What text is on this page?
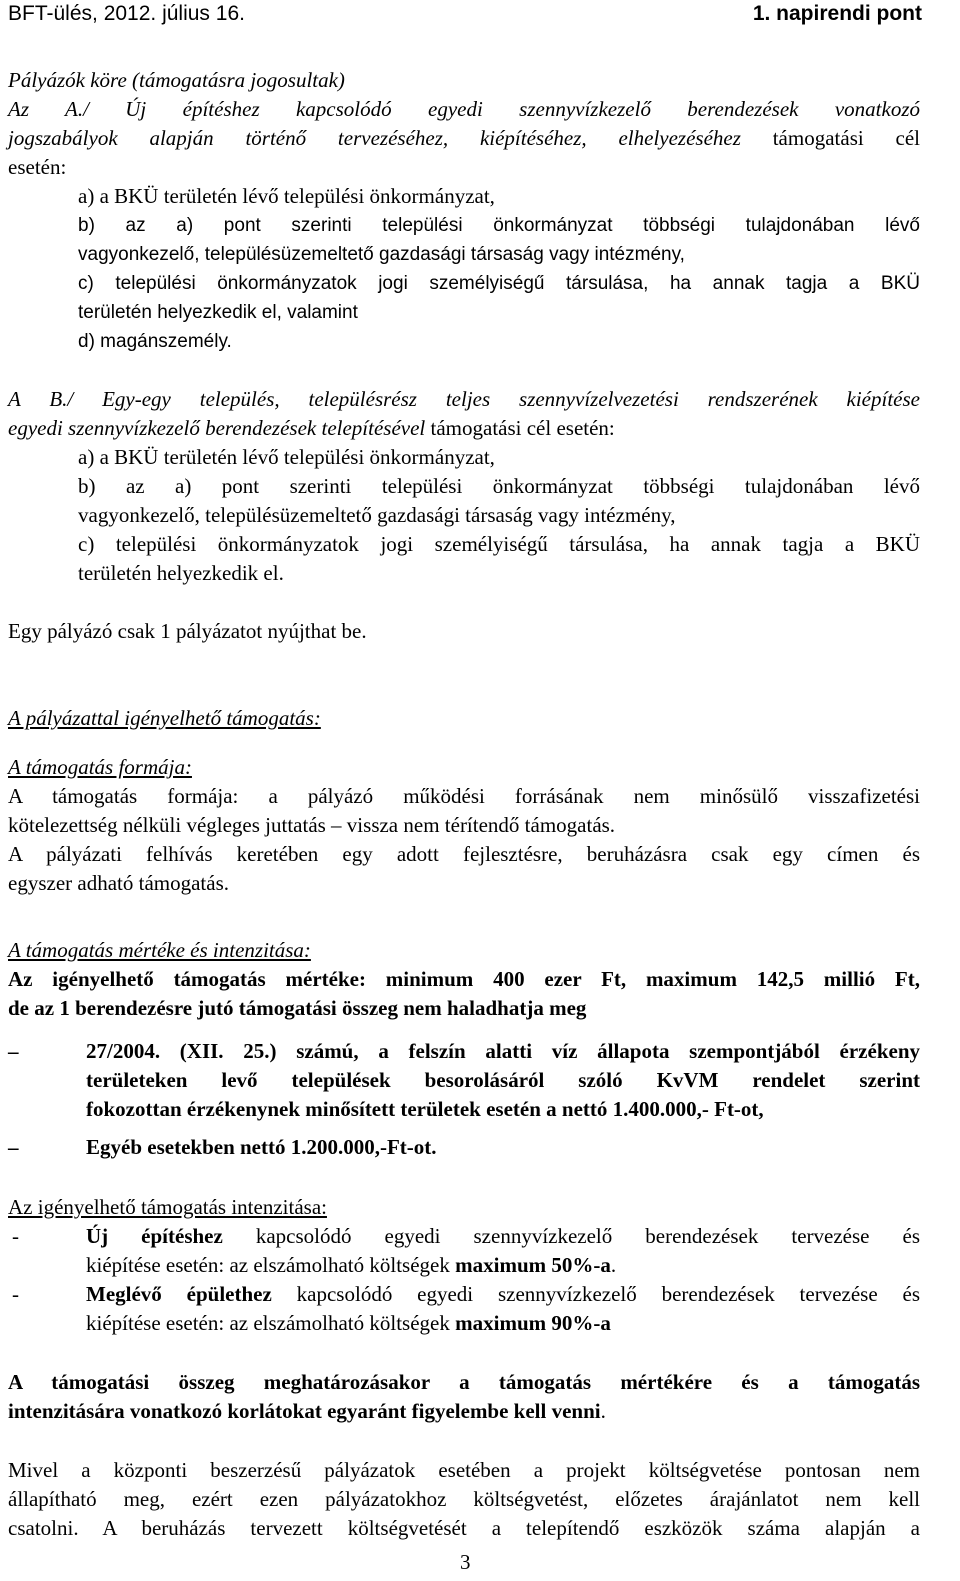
BFT-ülés, 2012. július 16.	1. napirendi pont
Pályázók köre (támogatásra jogosultak)
Az A./ Új építéshez kapcsolódó egyedi szennyvízkezelő berendezések vonatkozó
jogszabályok alapján történő tervezéséhez, kiépítéséhez, elhelyezéséhez támogatási cél
esetén:
a) a BKÜ területén lévő települési önkormányzat,
b) az a) pont szerinti települési önkormányzat többségi tulajdonában lévő
vagyonkezelő, településüzemeltető gazdasági társaság vagy intézmény,
c) települési önkormányzatok jogi személyiségű társulása, ha annak tagja a BKÜ
területén helyezkedik el, valamint
d) magánszemély.
A B./ Egy-egy település, településrész teljes szennyvízelvezetési rendszerének kiépítése
egyedi szennyvízkezelő berendezések telepítésével támogatási cél esetén:
a) a BKÜ területén lévő települési önkormányzat,
b) az a) pont szerinti települési önkormányzat többségi tulajdonában lévő
vagyonkezelő, településüzemeltető gazdasági társaság vagy intézmény,
c) települési önkormányzatok jogi személyiségű társulása, ha annak tagja a BKÜ
területén helyezkedik el.
Egy pályázó csak 1 pályázatot nyújthat be.
A pályázattal igényelhető támogatás:
A támogatás formája:
A támogatás formája: a pályázó működési forrásának nem minősülő visszafizetési
kötelezettség nélküli végleges juttatás – vissza nem térítendő támogatás.
A pályázati felhívás keretében egy adott fejlesztésre, beruházásra csak egy címen és
egyszer adható támogatás.
A támogatás mértéke és intenzitása:
Az igényelhető támogatás mértéke: minimum 400 ezer Ft, maximum 142,5 millió Ft,
de az 1 berendezésre jutó támogatási összeg nem haladhatja meg
–	27/2004. (XII. 25.) számú, a felszín alatti víz állapota szempontjából érzékeny
területeken levő települések besorolásáról szóló KvVM rendelet szerint
fokozottan érzékenynek minősített területek esetén a nettó 1.400.000,- Ft-ot,
–	Egyéb esetekben nettó 1.200.000,-Ft-ot.
Az igényelhető támogatás intenzitása:
-	Új építéshez kapcsolódó egyedi szennyvízkezelő berendezések tervezése és
kiépítése esetén: az elszámolható költségek maximum 50%-a.
-	Meglévő épülethez kapcsolódó egyedi szennyvízkezelő berendezések tervezése és
kiépítése esetén: az elszámolható költségek maximum 90%-a
A támogatási összeg meghatározásakor a támogatás mértékére és a támogatás
intenzitására vonatkozó korlátokat egyaránt figyelembe kell venni.
Mivel a központi beszerzésű pályázatok esetében a projekt költségvetése pontosan nem
állapítható meg, ezért ezen pályázatokhoz költségvetést, előzetes árajánlatot nem kell
csatolni. A beruházás tervezett költségvetését a telepítendő eszközök száma alapján a
3
